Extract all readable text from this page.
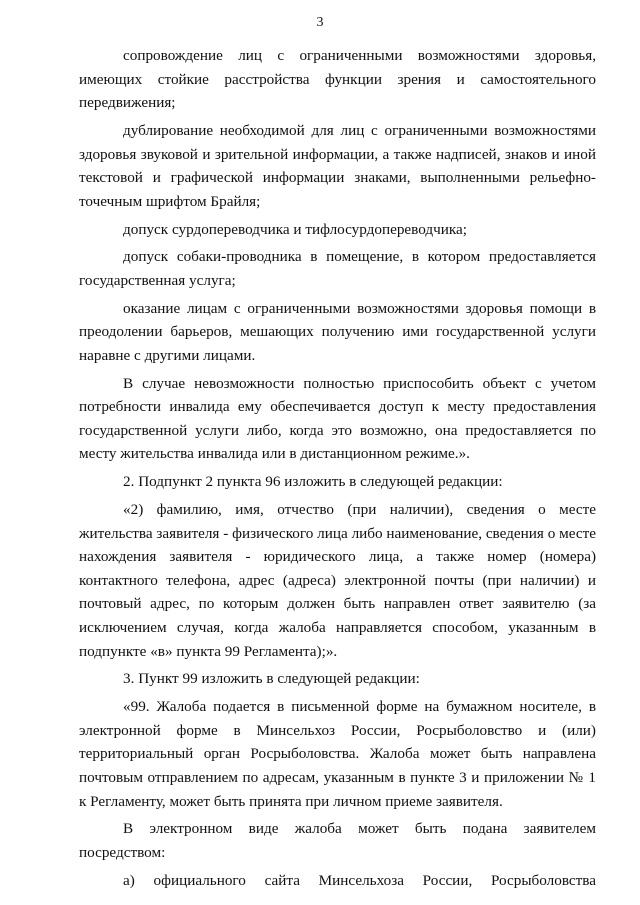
3

сопровождение лиц с ограниченными возможностями здоровья, имеющих стойкие расстройства функции зрения и самостоятельного передвижения;

дублирование необходимой для лиц с ограниченными возможностями здоровья звуковой и зрительной информации, а также надписей, знаков и иной текстовой и графической информации знаками, выполненными рельефно-точечным шрифтом Брайля;

допуск сурдопереводчика и тифлосурдопереводчика;

допуск собаки-проводника в помещение, в котором предоставляется государственная услуга;

оказание лицам с ограниченными возможностями здоровья помощи в преодолении барьеров, мешающих получению ими государственной услуги наравне с другими лицами.

В случае невозможности полностью приспособить объект с учетом потребности инвалида ему обеспечивается доступ к месту предоставления государственной услуги либо, когда это возможно, она предоставляется по месту жительства инвалида или в дистанционном режиме.».

2. Подпункт 2 пункта 96 изложить в следующей редакции:

«2) фамилию, имя, отчество (при наличии), сведения о месте жительства заявителя - физического лица либо наименование, сведения о месте нахождения заявителя - юридического лица, а также номер (номера) контактного телефона, адрес (адреса) электронной почты (при наличии) и почтовый адрес, по которым должен быть направлен ответ заявителю (за исключением случая, когда жалоба направляется способом, указанным в подпункте «в» пункта 99 Регламента);».

3. Пункт 99 изложить в следующей редакции:

«99. Жалоба подается в письменной форме на бумажном носителе, в электронной форме в Минсельхоз России, Росрыболовство и (или) территориальный орган Росрыболовства. Жалоба может быть направлена почтовым отправлением по адресам, указанным в пункте 3 и приложении № 1 к Регламенту, может быть принята при личном приеме заявителя.

В электронном виде жалоба может быть подана заявителем посредством:

а) официального сайта Минсельхоза России, Росрыболовства
